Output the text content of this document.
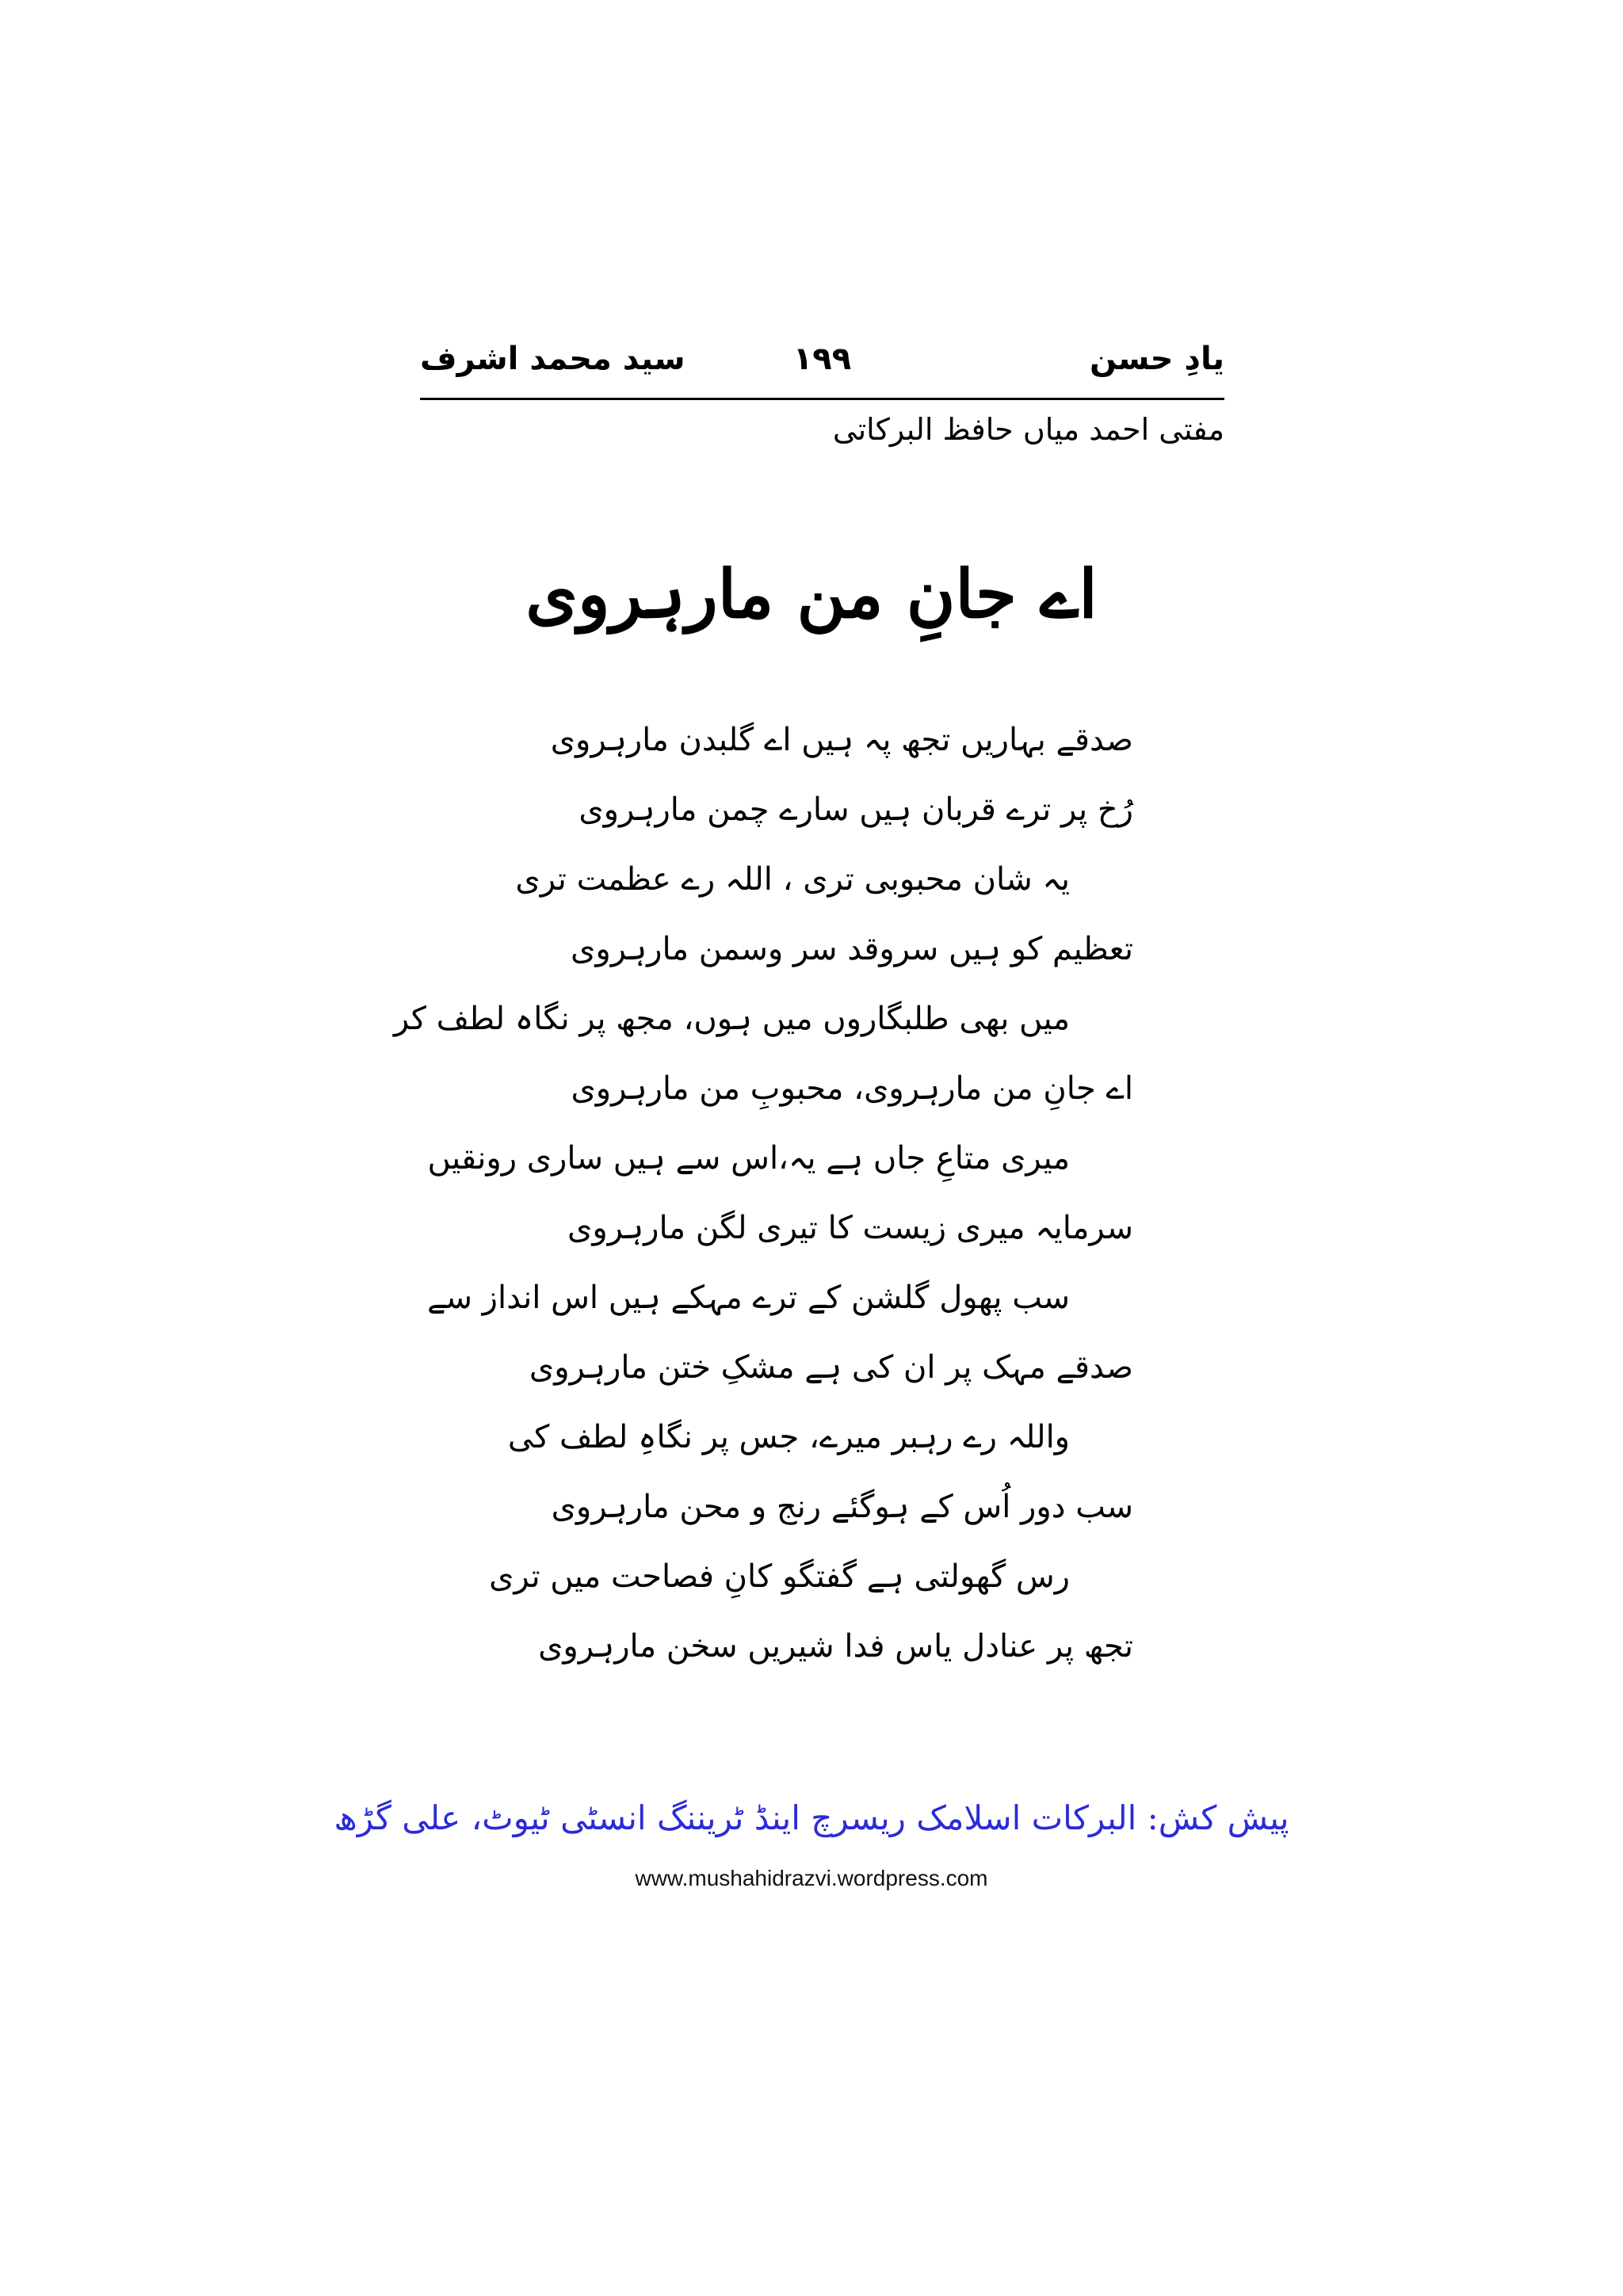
یادِ حسن
۱۹۹
سید محمد اشرف
مفتی احمد میاں حافظ البرکاتی
اے جانِ من مارہروی
صدقے بہاریں تجھ پہ ہیں اے گلبدن مارہروی
رُخ پر ترے قربان ہیں سارے چمن مارہروی
یہ شان محبوبی تری ، اللہ رے عظمت تری
تعظیم کو ہیں سروقد سر وسمن مارہروی
میں بھی طلبگاروں میں ہوں، مجھ پر نگاہ لطف کر
اے جانِ من مارہروی، محبوبِ من مارہروی
میری متاعِ جاں ہے یہ،اس سے ہیں ساری رونقیں
سرمایہ میری زیست کا تیری لگن مارہروی
سب پھول گلشن کے ترے مہکے ہیں اس انداز سے
صدقے مہک پر ان کی ہے مشکِ ختن مارہروی
واللہ رے رہبر میرے، جس پر نگاہِ لطف کی
سب دور اُس کے ہوگئے رنج و محن مارہروی
رس گھولتی ہے گفتگو کانِ فصاحت میں تری
تجھ پر عنادل یاس فدا شیریں سخن مارہروی
پیش کش: البرکات اسلامک ریسرچ اینڈ ٹریننگ انسٹی ٹیوٹ، علی گڑھ
www.mushahidrazvi.wordpress.com
